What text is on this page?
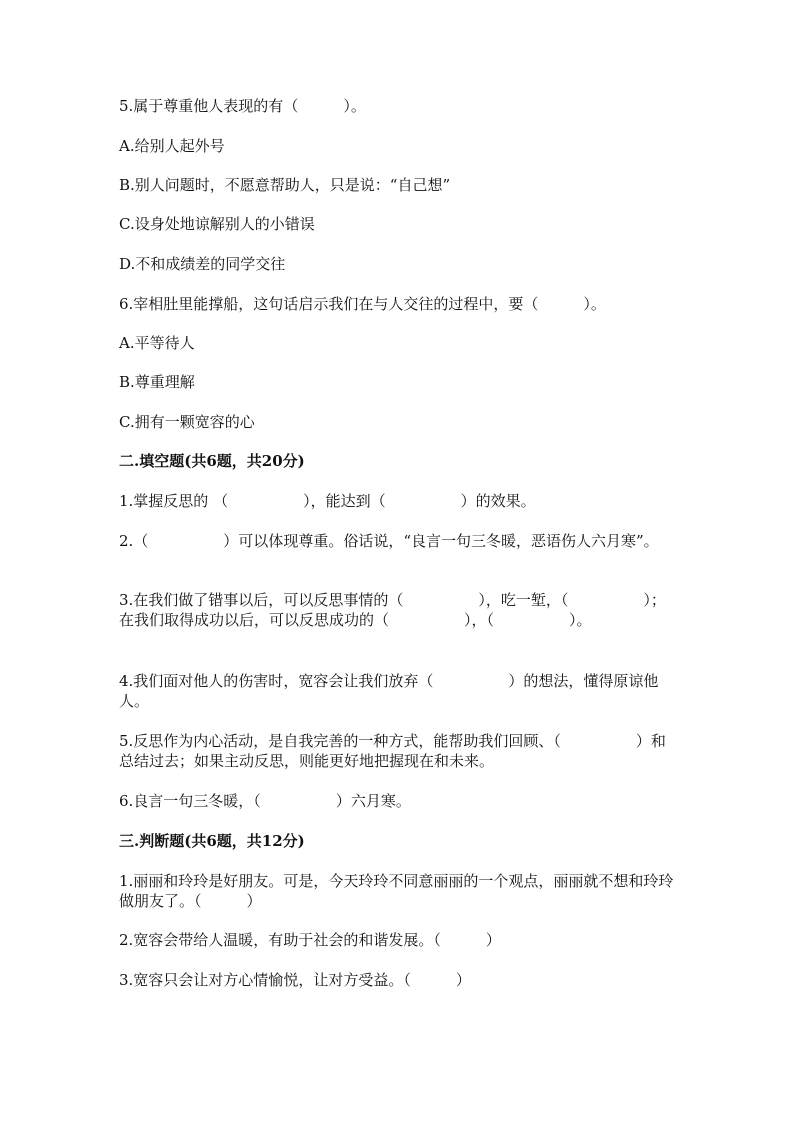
5.属于尊重他人表现的有（　　　）。
A.给别人起外号
B.别人问题时，不愿意帮助人，只是说：“自己想”
C.设身处地谅解别人的小错误
D.不和成绩差的同学交往
6.宰相肚里能撑船，这句话启示我们在与人交往的过程中，要（　　　）。
A.平等待人
B.尊重理解
C.拥有一颗宽容的心
二.填空题(共6题，共20分)
1.掌握反思的 （　　　　　），能达到（　　　　　）的效果。
2.（　　　　　）可以体现尊重。俗话说，“良言一句三冬暖，恶语伤人六月寒”。
3.在我们做了错事以后，可以反思事情的（　　　　　），吃一堑，（　　　　　）； 在我们取得成功以后，可以反思成功的（　　　　　），（　　　　　）。
4.我们面对他人的伤害时，宽容会让我们放弃（　　　　　）的想法，懂得原谅他人。
5.反思作为内心活动，是自我完善的一种方式，能帮助我们回顾、（　　　　　）和总结过去；如果主动反思，则能更好地把握现在和未来。
6.良言一句三冬暖，（　　　　　）六月寒。
三.判断题(共6题，共12分)
1.丽丽和玲玲是好朋友。可是，今天玲玲不同意丽丽的一个观点，丽丽就不想和玲玲做朋友了。（　　　）
2.宽容会带给人温暖，有助于社会的和谐发展。（　　　）
3.宽容只会让对方心情愉悦，让对方受益。（　　　）
